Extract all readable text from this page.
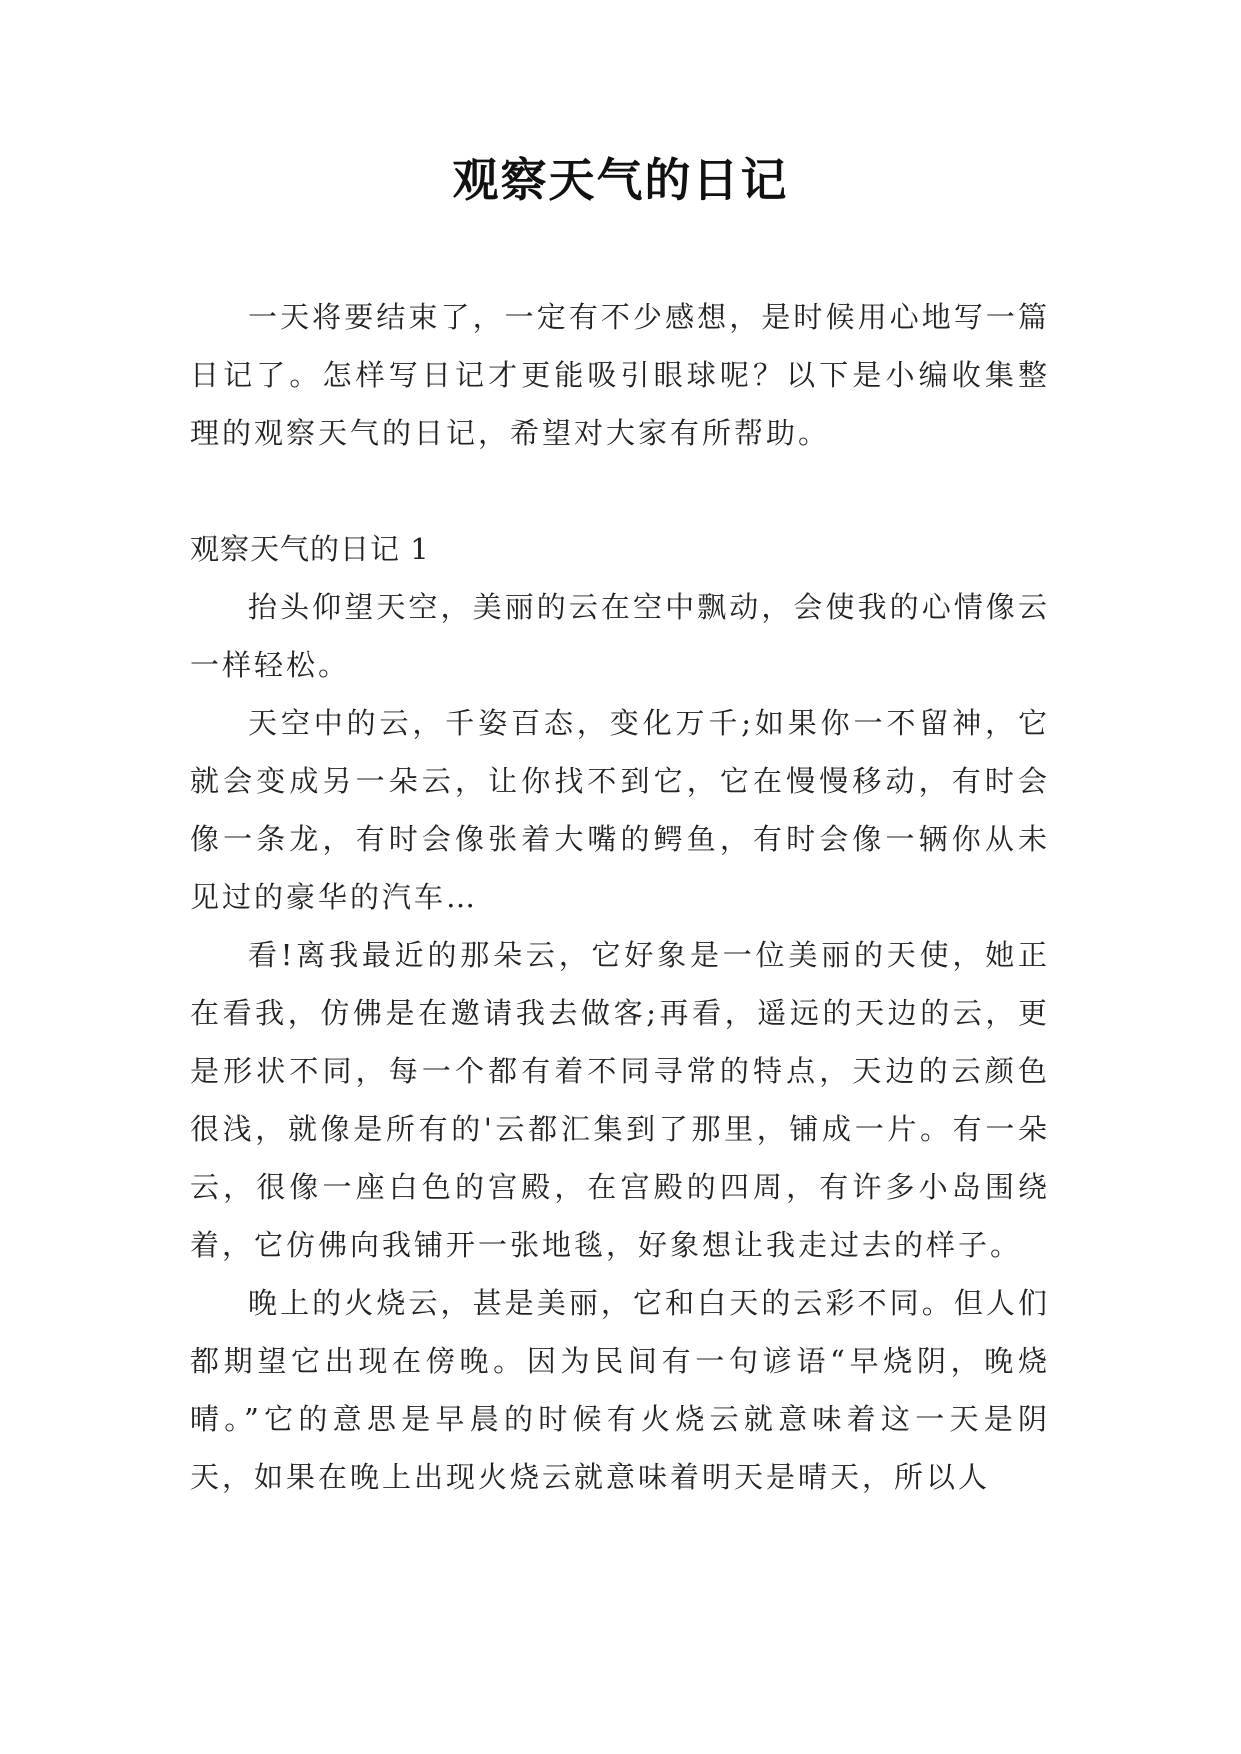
观察天气的日记

一天将要结束了，一定有不少感想，是时候用心地写一篇日记了。怎样写日记才更能吸引眼球呢？以下是小编收集整理的观察天气的日记，希望对大家有所帮助。

观察天气的日记 1

抬头仰望天空，美丽的云在空中飘动，会使我的心情像云一样轻松。

天空中的云，千姿百态，变化万千;如果你一不留神，它就会变成另一朵云，让你找不到它，它在慢慢移动，有时会像一条龙，有时会像张着大嘴的鳄鱼，有时会像一辆你从未见过的豪华的汽车…

看!离我最近的那朵云，它好象是一位美丽的天使，她正在看我，仿佛是在邀请我去做客;再看，遥远的天边的云，更是形状不同，每一个都有着不同寻常的特点，天边的云颜色很浅，就像是所有的'云都汇集到了那里，铺成一片。有一朵云，很像一座白色的宫殿，在宫殿的四周，有许多小岛围绕着，它仿佛向我铺开一张地毯，好象想让我走过去的样子。

晚上的火烧云，甚是美丽，它和白天的云彩不同。但人们都期望它出现在傍晚。因为民间有一句谚语“早烧阴，晚烧晴。”它的意思是早晨的时候有火烧云就意味着这一天是阴天，如果在晚上出现火烧云就意味着明天是晴天，所以人
